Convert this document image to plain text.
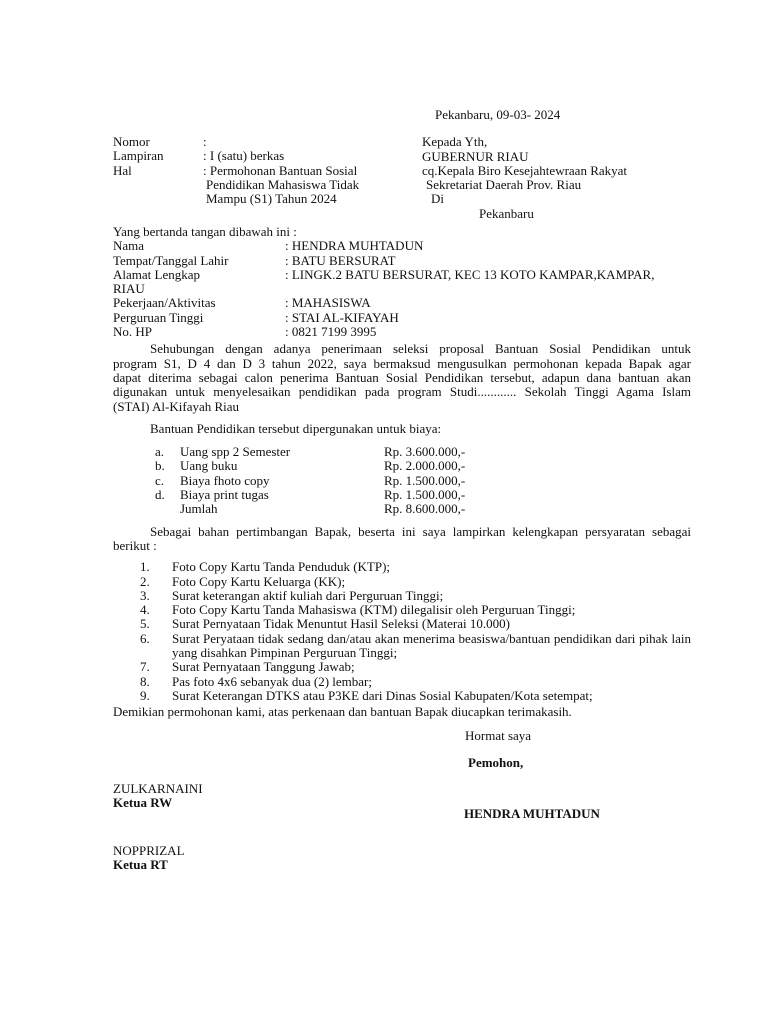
Nomor	:
Lampiran	: I (satu) berkas
Hal	: Permohonan Bantuan Sosial
Pendidikan Mahasiswa Tidak
Mampu (S1) Tahun 2024
Pekanbaru, 09-03- 2024
Kepada Yth,
GUBERNUR RIAU
cq.Kepala Biro Kesejahtewraan Rakyat
Sekretariat Daerah Prov. Riau
Di
Pekanbaru
Yang bertanda tangan dibawah ini :
Nama	: HENDRA MUHTADUN
Tempat/Tanggal Lahir	: BATU BERSURAT
Alamat Lengkap	: LINGK.2 BATU BERSURAT, KEC 13 KOTO KAMPAR,KAMPAR,
RIAU
Pekerjaan/Aktivitas	: MAHASISWA
Perguruan Tinggi	: STAI AL-KIFAYAH
No. HP	: 0821 7199 3995
Sehubungan dengan adanya penerimaan seleksi proposal Bantuan Sosial Pendidikan untuk
program S1, D 4 dan D 3 tahun 2022, saya bermaksud mengusulkan permohonan kepada Bapak agar
dapat diterima sebagai calon penerima Bantuan Sosial Pendidikan tersebut, adapun dana bantuan akan
digunakan untuk menyelesaikan pendidikan pada program Studi............ Sekolah Tinggi Agama Islam
(STAI) Al-Kifayah Riau
Bantuan Pendidikan tersebut dipergunakan untuk biaya:
a.	Uang spp 2 Semester	Rp. 3.600.000,-
b.	Uang buku	Rp. 2.000.000,-
c.	Biaya fhoto copy	Rp. 1.500.000,-
d.	Biaya print tugas	Rp. 1.500.000,-
Jumlah	Rp. 8.600.000,-
Sebagai bahan pertimbangan Bapak, beserta ini saya lampirkan kelengkapan persyaratan sebagai
berikut :
1.	Foto Copy Kartu Tanda Penduduk (KTP);
2.	Foto Copy Kartu Keluarga (KK);
3.	Surat keterangan aktif kuliah dari Perguruan Tinggi;
4.	Foto Copy Kartu Tanda Mahasiswa (KTM) dilegalisir oleh Perguruan Tinggi;
5.	Surat Pernyataan Tidak Menuntut Hasil Seleksi (Materai 10.000)
6.	Surat Peryataan tidak sedang dan/atau akan menerima beasiswa/bantuan pendidikan dari pihak lain yang disahkan Pimpinan Perguruan Tinggi;
7.	Surat Pernyataan Tanggung Jawab;
8.	Pas foto 4x6 sebanyak dua (2) lembar;
9.	Surat Keterangan DTKS atau P3KE dari Dinas Sosial Kabupaten/Kota setempat;
Demikian permohonan kami, atas perkenaan dan bantuan Bapak diucapkan terimakasih.
Hormat saya
Pemohon,
HENDRA MUHTADUN
ZULKARNAINI
Ketua RW
NOPPRIZAL
Ketua RT
